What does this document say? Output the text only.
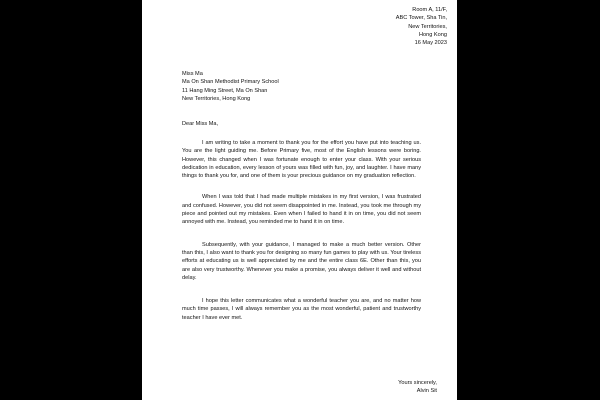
Room A, 11/F,
ABC Tower, Sha Tin,
New Territories,
Hong Kong
16 May 2023
Miss Ma
Ma On Shan Methodist Primary School
11 Hang Ming Street, Ma On Shan
New Territories, Hong Kong
Dear Miss Ma,

I am writing to take a moment to thank you for the effort you have put into teaching us. You are the light guiding me. Before Primary five, most of the English lessons were boring. However, this changed when I was fortunate enough to enter your class. With your serious dedication in education, every lesson of yours was filled with fun, joy, and laughter. I have many things to thank you for, and one of them is your precious guidance on my graduation reflection.

When I was told that I had made multiple mistakes in my first version, I was frustrated and confused. However, you did not seem disappointed in me. Instead, you took me through my piece and pointed out my mistakes. Even when I failed to hand it in on time, you did not seem annoyed with me. Instead, you reminded me to hand it in on time.

Subsequently, with your guidance, I managed to make a much better version. Other than this, I also want to thank you for designing so many fun games to play with us. Your tireless efforts at educating us is well appreciated by me and the entire class 6E. Other than this, you are also very trustworthy. Whenever you make a promise, you always deliver it well and without delay.

I hope this letter communicates what a wonderful teacher you are, and no matter how much time passes, I will always remember you as the most wonderful, patient and trustworthy teacher I have ever met.

Yours sincerely,
Alvin Sit
